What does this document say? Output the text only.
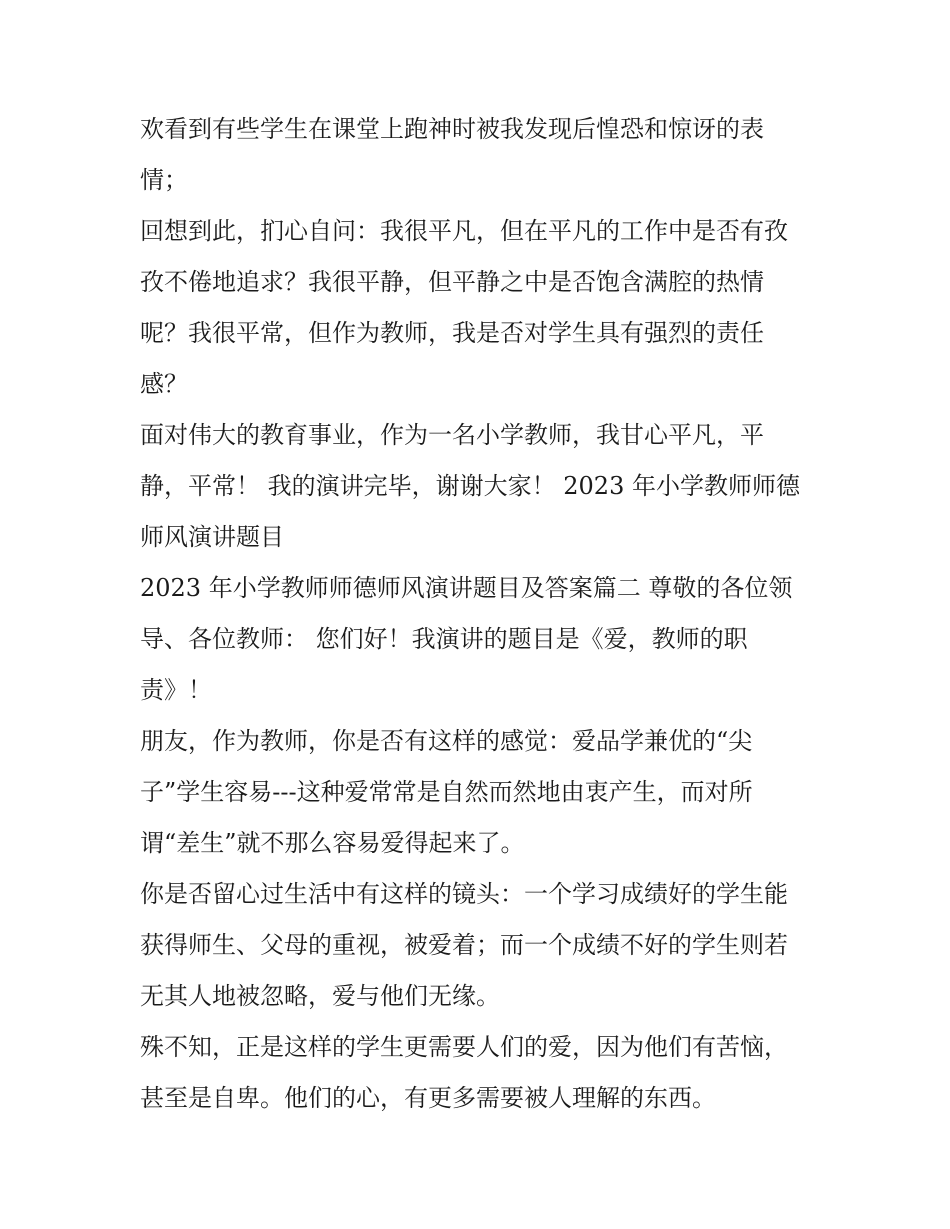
欢看到有些学生在课堂上跑神时被我发现后惶恐和惊讶的表
情；
回想到此，扪心自问：我很平凡，但在平凡的工作中是否有孜
孜不倦地追求？我很平静，但平静之中是否饱含满腔的热情
呢？我很平常，但作为教师，我是否对学生具有强烈的责任
感？
面对伟大的教育事业，作为一名小学教师，我甘心平凡，平
静，平常！ 我的演讲完毕，谢谢大家！ 2023 年小学教师师德
师风演讲题目
2023 年小学教师师德师风演讲题目及答案篇二 尊敬的各位领
导、各位教师： 您们好！我演讲的题目是《爱，教师的职
责》！
朋友，作为教师，你是否有这样的感觉：爱品学兼优的“尖
子”学生容易---这种爱常常是自然而然地由衷产生，而对所
谓“差生”就不那么容易爱得起来了。
你是否留心过生活中有这样的镜头：一个学习成绩好的学生能
获得师生、父母的重视，被爱着；而一个成绩不好的学生则若
无其人地被忽略，爱与他们无缘。
殊不知，正是这样的学生更需要人们的爱，因为他们有苦恼，
甚至是自卑。他们的心，有更多需要被人理解的东西。
